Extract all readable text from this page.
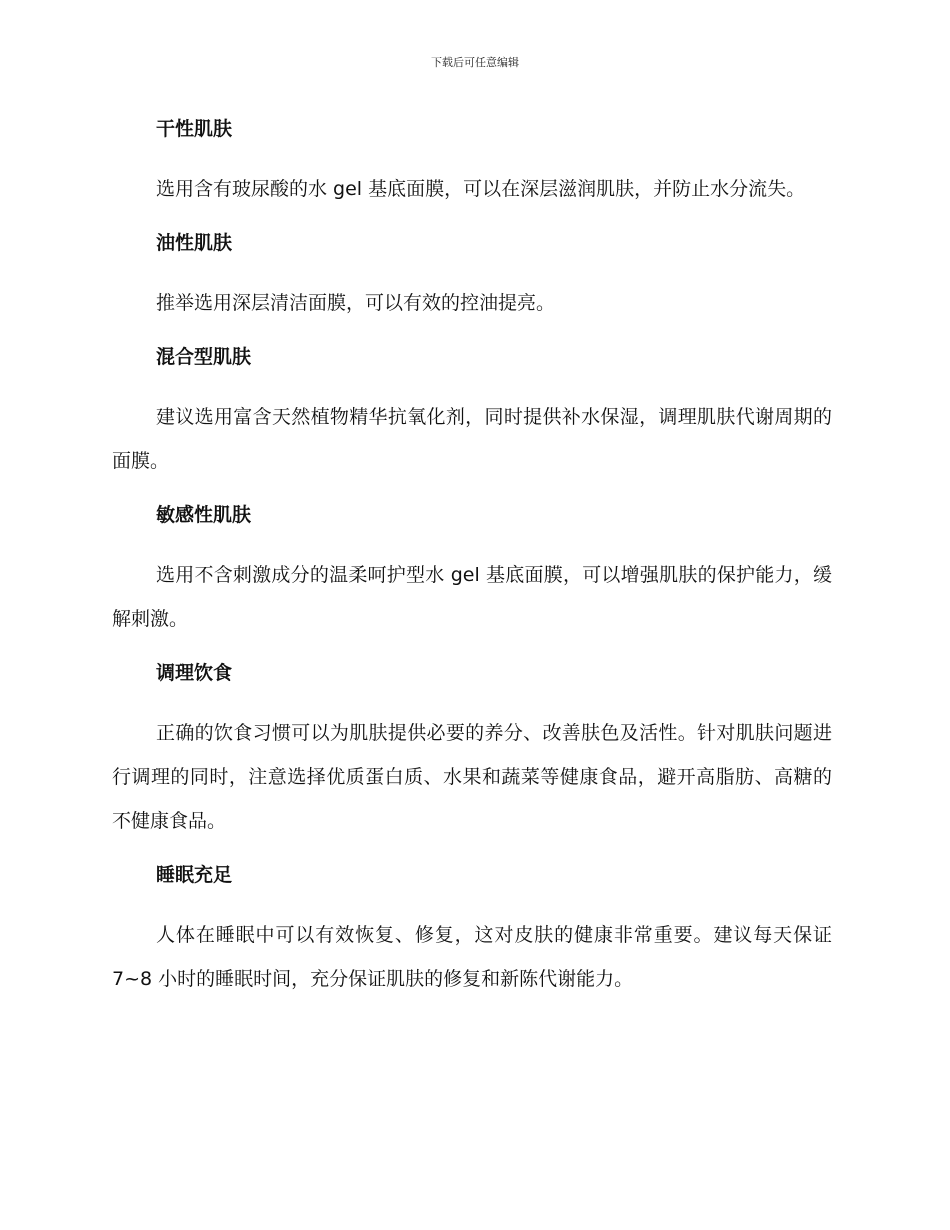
下载后可任意编辑
干性肌肤

选用含有玻尿酸的水 gel 基底面膜，可以在深层滋润肌肤，并防止水分流失。

油性肌肤

推举选用深层清洁面膜，可以有效的控油提亮。

混合型肌肤

建议选用富含天然植物精华抗氧化剂，同时提供补水保湿，调理肌肤代谢周期的面膜。

敏感性肌肤

选用不含刺激成分的温柔呵护型水 gel 基底面膜，可以增强肌肤的保护能力，缓解刺激。

调理饮食

正确的饮食习惯可以为肌肤提供必要的养分、改善肤色及活性。针对肌肤问题进行调理的同时，注意选择优质蛋白质、水果和蔬菜等健康食品，避开高脂肪、高糖的不健康食品。

睡眠充足

人体在睡眠中可以有效恢复、修复，这对皮肤的健康非常重要。建议每天保证 7~8 小时的睡眠时间，充分保证肌肤的修复和新陈代谢能力。
